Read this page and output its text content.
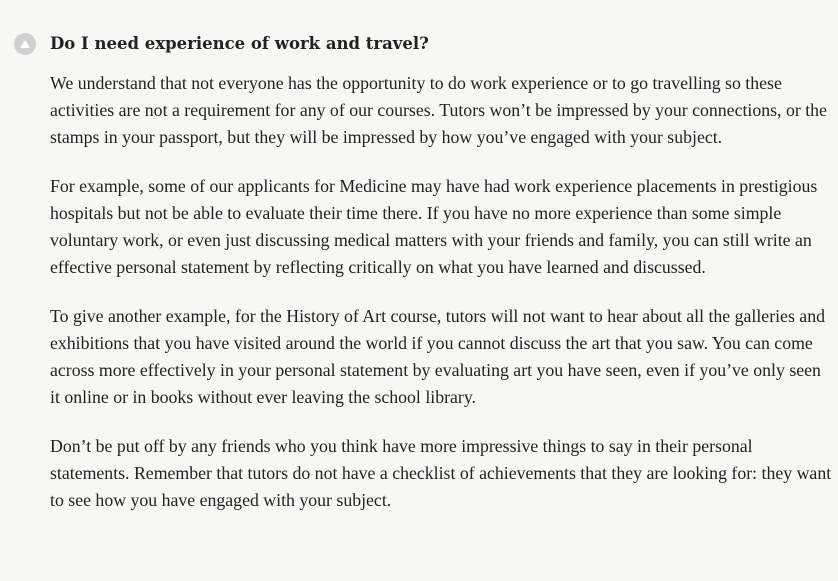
Do I need experience of work and travel?

We understand that not everyone has the opportunity to do work experience or to go travelling so these activities are not a requirement for any of our courses. Tutors won’t be impressed by your connections, or the stamps in your passport, but they will be impressed by how you’ve engaged with your subject.

For example, some of our applicants for Medicine may have had work experience placements in prestigious hospitals but not be able to evaluate their time there. If you have no more experience than some simple voluntary work, or even just discussing medical matters with your friends and family, you can still write an effective personal statement by reflecting critically on what you have learned and discussed.

To give another example, for the History of Art course, tutors will not want to hear about all the galleries and exhibitions that you have visited around the world if you cannot discuss the art that you saw. You can come across more effectively in your personal statement by evaluating art you have seen, even if you’ve only seen it online or in books without ever leaving the school library.

Don’t be put off by any friends who you think have more impressive things to say in their personal statements. Remember that tutors do not have a checklist of achievements that they are looking for: they want to see how you have engaged with your subject.
